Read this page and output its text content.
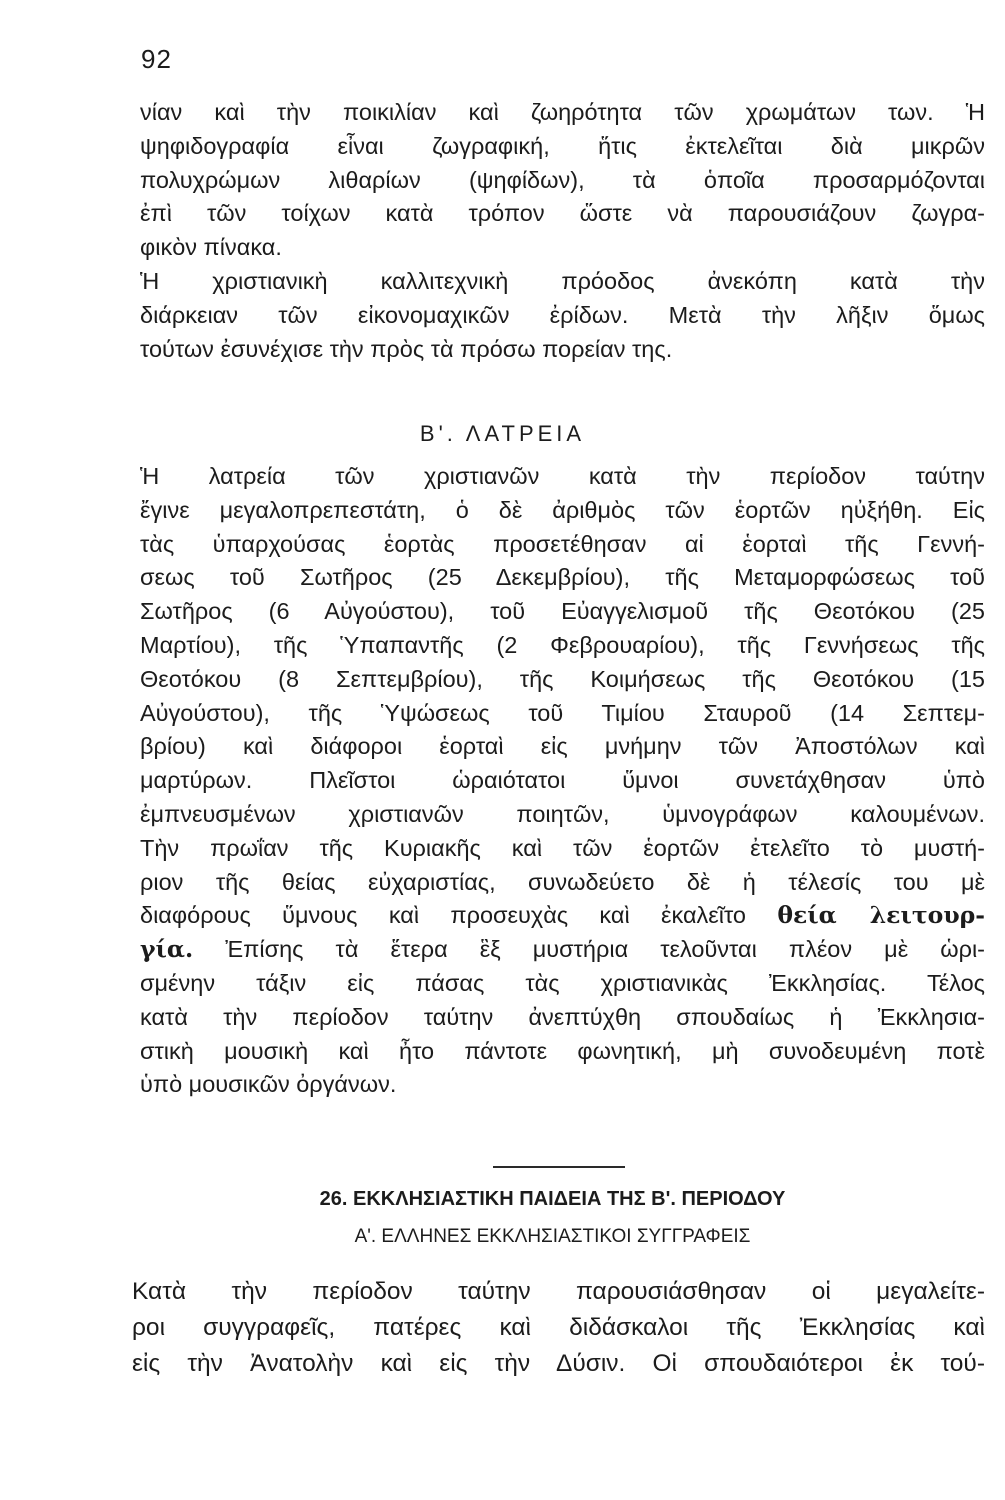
92
νίαν καὶ τὴν ποικιλίαν καὶ ζωηρότητα τῶν χρωμάτων των. Ἡ
ψηφιδογραφία εἶναι ζωγραφική, ἥτις ἐκτελεῖται διὰ μικρῶν
πολυχρώμων λιθαρίων (ψηφίδων), τὰ ὁποῖα προσαρμόζονται
ἐπὶ τῶν τοίχων κατὰ τρόπον ὥστε νὰ παρουσιάζουν ζωγρα-
φικὸν πίνακα.
Ἡ χριστιανικὴ καλλιτεχνικὴ πρόοδος ἀνεκόπη κατὰ τὴν
διάρκειαν τῶν εἰκονομαχικῶν ἐρίδων. Μετὰ τὴν λῆξιν ὅμως
τούτων ἐσυνέχισε τὴν πρὸς τὰ πρόσω πορείαν της.
Β'. ΛΑΤΡΕΙΑ
Ἡ λατρεία τῶν χριστιανῶν κατὰ τὴν περίοδον ταύτην
ἔγινε μεγαλοπρεπεστάτη, ὁ δὲ ἀριθμὸς τῶν ἑορτῶν ηὐξήθη. Εἰς
τὰς ὑπαρχούσας ἑορτὰς προσετέθησαν αἱ ἑορταὶ τῆς Γεννή-
σεως τοῦ Σωτῆρος (25 Δεκεμβρίου), τῆς Μεταμορφώσεως τοῦ
Σωτῆρος (6 Αὐγούστου), τοῦ Εὐαγγελισμοῦ τῆς Θεοτόκου (25
Μαρτίου), τῆς Ὑπαπαντῆς (2 Φεβρουαρίου), τῆς Γεννήσεως τῆς
Θεοτόκου (8 Σεπτεμβρίου), τῆς Κοιμήσεως τῆς Θεοτόκου (15
Αὐγούστου), τῆς Ὑψώσεως τοῦ Τιμίου Σταυροῦ (14 Σεπτεμ-
βρίου) καὶ διάφοροι ἑορταὶ εἰς μνήμην τῶν Ἀποστόλων καὶ
μαρτύρων. Πλεῖστοι ὡραιότατοι ὕμνοι συνετάχθησαν ὑπὸ
ἐμπνευσμένων χριστιανῶν ποιητῶν, ὑμνογράφων καλουμένων.
Τὴν πρωΐαν τῆς Κυριακῆς καὶ τῶν ἑορτῶν ἐτελεῖτο τὸ μυστή-
ριον τῆς θείας εὐχαριστίας, συνωδεύετο δὲ ἡ τέλεσίς του μὲ
διαφόρους ὕμνους καὶ προσευχὰς καὶ ἐκαλεῖτο θεία λειτουρ-
γία. Ἐπίσης τὰ ἕτερα ἓξ μυστήρια τελοῦνται πλέον μὲ ὡρι-
σμένην τάξιν εἰς πάσας τὰς χριστιανικὰς Ἐκκλησίας. Τέλος
κατὰ τὴν περίοδον ταύτην ἀνεπτύχθη σπουδαίως ἡ Ἐκκλησια-
στικὴ μουσικὴ καὶ ἦτο πάντοτε φωνητική, μὴ συνοδευμένη ποτὲ
ὑπὸ μουσικῶν ὀργάνων.
26. ΕΚΚΛΗΣΙΑΣΤΙΚΗ ΠΑΙΔΕΙΑ ΤΗΣ Β'. ΠΕΡΙΟΔΟΥ
Α'. ΕΛΛΗΝΕΣ ΕΚΚΛΗΣΙΑΣΤΙΚΟΙ ΣΥΓΓΡΑΦΕΙΣ
Κατὰ τὴν περίοδον ταύτην παρουσιάσθησαν οἱ μεγαλείτε-
ροι συγγραφεῖς, πατέρες καὶ διδάσκαλοι τῆς Ἐκκλησίας καὶ
εἰς τὴν Ἀνατολὴν καὶ εἰς τὴν Δύσιν. Οἱ σπουδαιότεροι ἐκ τού-
